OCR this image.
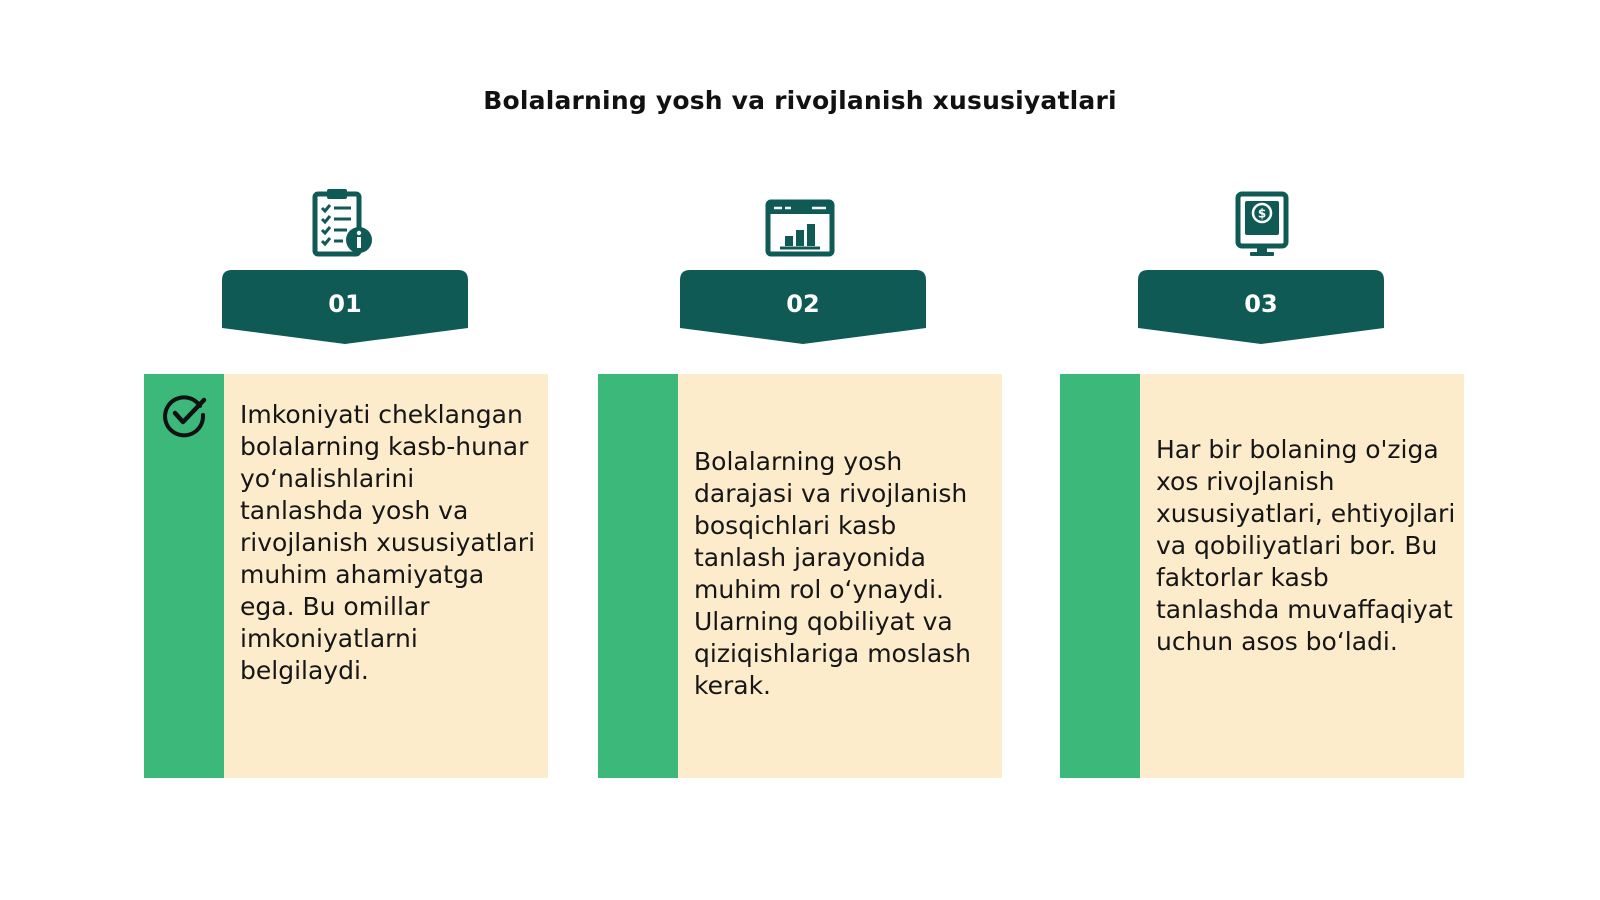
Bolalarning yosh va rivojlanish xususiyatlari
01
Imkoniyati cheklangan bolalarning kasb-hunar yoʻnalishlarini tanlashda yosh va rivojlanish xususiyatlari muhim ahamiyatga ega. Bu omillar imkoniyatlarni belgilaydi.
02
Bolalarning yosh darajasi va rivojlanish bosqichlari kasb tanlash jarayonida muhim rol oʻynaydi. Ularning qobiliyat va qiziqishlariga moslash kerak.
$
03
Har bir bolaning o'ziga xos rivojlanish xususiyatlari, ehtiyojlari va qobiliyatlari bor. Bu faktorlar kasb tanlashda muvaffaqiyat uchun asos boʻladi.
